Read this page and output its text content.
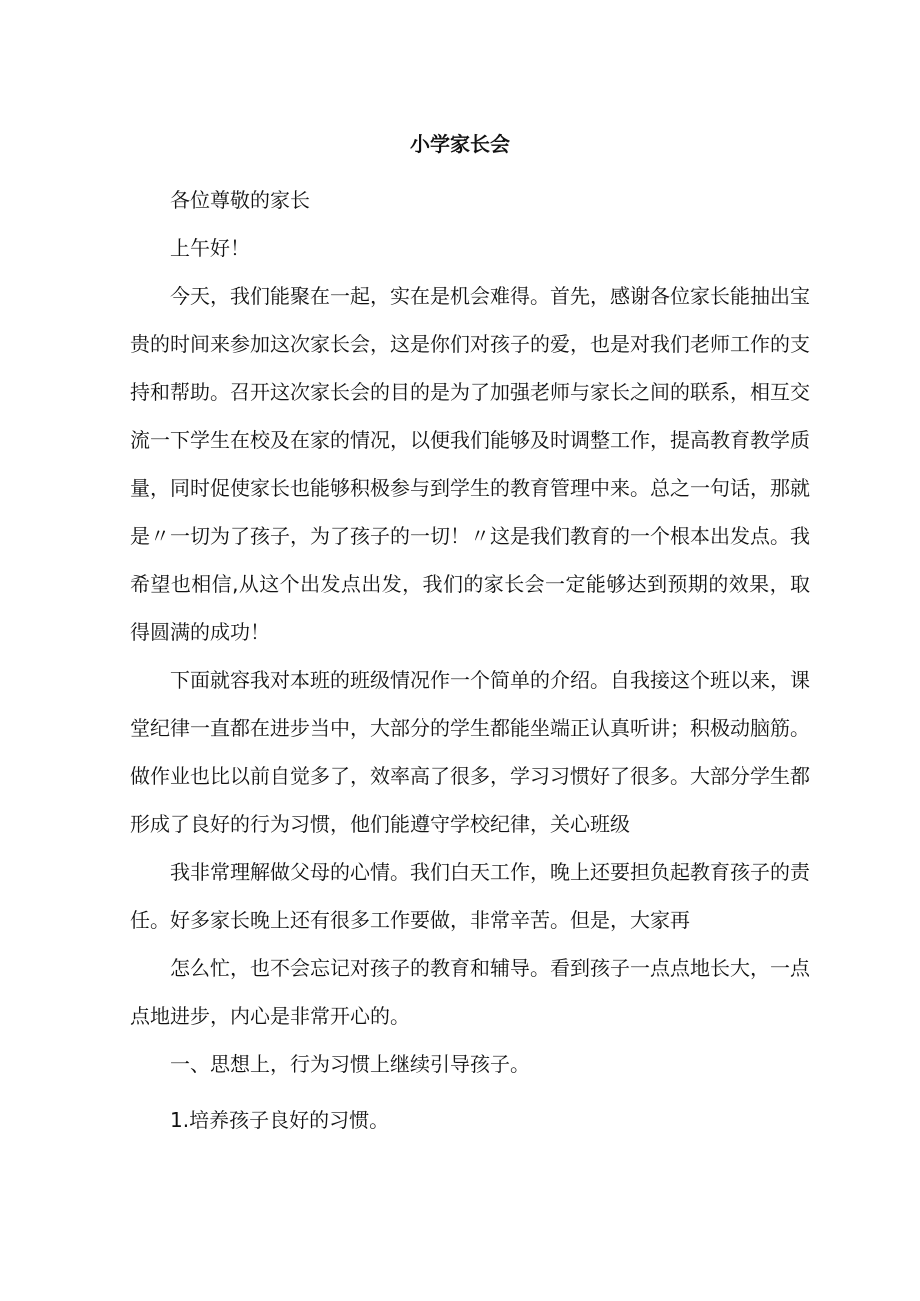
小学家长会

各位尊敬的家长

上午好！

今天，我们能聚在一起，实在是机会难得。首先，感谢各位家长能抽出宝贵的时间来参加这次家长会，这是你们对孩子的爱，也是对我们老师工作的支持和帮助。召开这次家长会的目的是为了加强老师与家长之间的联系，相互交流一下学生在校及在家的情况，以便我们能够及时调整工作，提高教育教学质量，同时促使家长也能够积极参与到学生的教育管理中来。总之一句话，那就是〃一切为了孩子，为了孩子的一切！〃这是我们教育的一个根本出发点。我希望也相信,从这个出发点出发，我们的家长会一定能够达到预期的效果，取得圆满的成功！

下面就容我对本班的班级情况作一个简单的介绍。自我接这个班以来，课堂纪律一直都在进步当中，大部分的学生都能坐端正认真听讲；积极动脑筋。做作业也比以前自觉多了，效率高了很多，学习习惯好了很多。大部分学生都形成了良好的行为习惯，他们能遵守学校纪律，关心班级

我非常理解做父母的心情。我们白天工作，晚上还要担负起教育孩子的责任。好多家长晚上还有很多工作要做，非常辛苦。但是，大家再

怎么忙，也不会忘记对孩子的教育和辅导。看到孩子一点点地长大，一点点地进步，内心是非常开心的。

一、思想上，行为习惯上继续引导孩子。

1.培养孩子良好的习惯。
